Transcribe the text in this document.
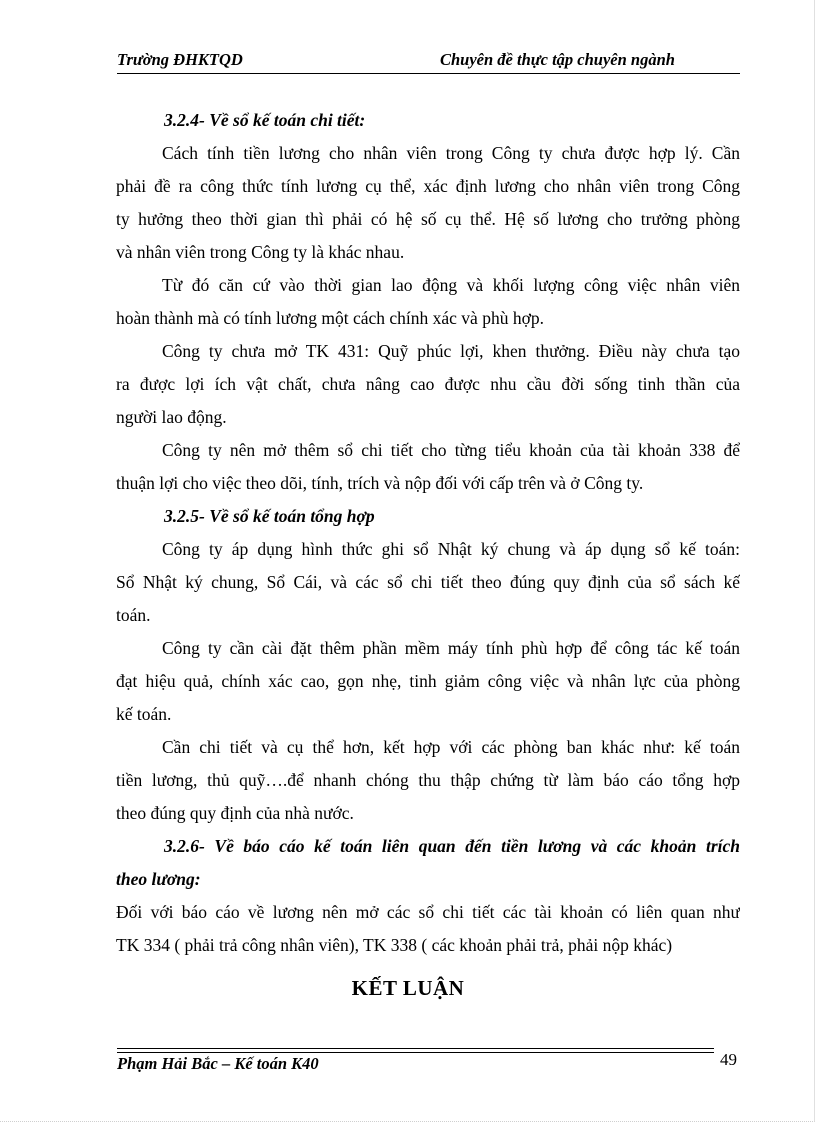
Trường ĐHKTQD	Chuyên đề thực tập chuyên ngành
3.2.4- Về sổ kế toán chi tiết:
Cách tính tiền lương cho nhân viên trong Công ty chưa được hợp lý. Cần
phải đề ra công thức tính lương cụ thể, xác định lương cho nhân viên trong Công
ty hưởng theo thời gian thì phải có hệ số cụ thể. Hệ số lương cho trưởng phòng
và nhân viên trong Công ty là khác nhau.
Từ đó căn cứ vào thời gian lao động và khối lượng công việc nhân viên
hoàn thành mà có tính lương một cách chính xác và phù hợp.
Công ty chưa mở TK 431: Quỹ phúc lợi, khen thưởng. Điều này chưa tạo
ra được lợi ích vật chất, chưa nâng cao được nhu cầu đời sống tinh thần của
người lao động.
Công ty nên mở thêm sổ chi tiết cho từng tiểu khoản của tài khoản 338 để
thuận lợi cho việc theo dõi, tính, trích và nộp đối với cấp trên và ở Công ty.
3.2.5- Về sổ kế toán tổng hợp
Công ty áp dụng hình thức ghi sổ Nhật ký chung và áp dụng sổ kế toán:
Sổ Nhật ký chung, Sổ Cái, và các sổ chi tiết theo đúng quy định của sổ sách kế
toán.
Công ty cần cài đặt thêm phần mềm máy tính phù hợp để công tác kế toán
đạt hiệu quả, chính xác cao, gọn nhẹ, tinh giảm công việc và nhân lực của phòng
kế toán.
Cần chi tiết và cụ thể hơn, kết hợp với các phòng ban khác như: kế toán
tiền lương, thủ quỹ….để nhanh chóng thu thập chứng từ làm báo cáo tổng hợp
theo đúng quy định của nhà nước.
3.2.6- Về báo cáo kế toán liên quan đến tiền lương và các khoản trích
theo lương:
Đối với báo cáo về lương nên mở các sổ chi tiết các tài khoản có liên quan như
TK 334 ( phải trả công nhân viên), TK 338 ( các khoản phải trả, phải nộp khác)
KẾT LUẬN
Phạm Hải Bắc – Kế toán K40	49
